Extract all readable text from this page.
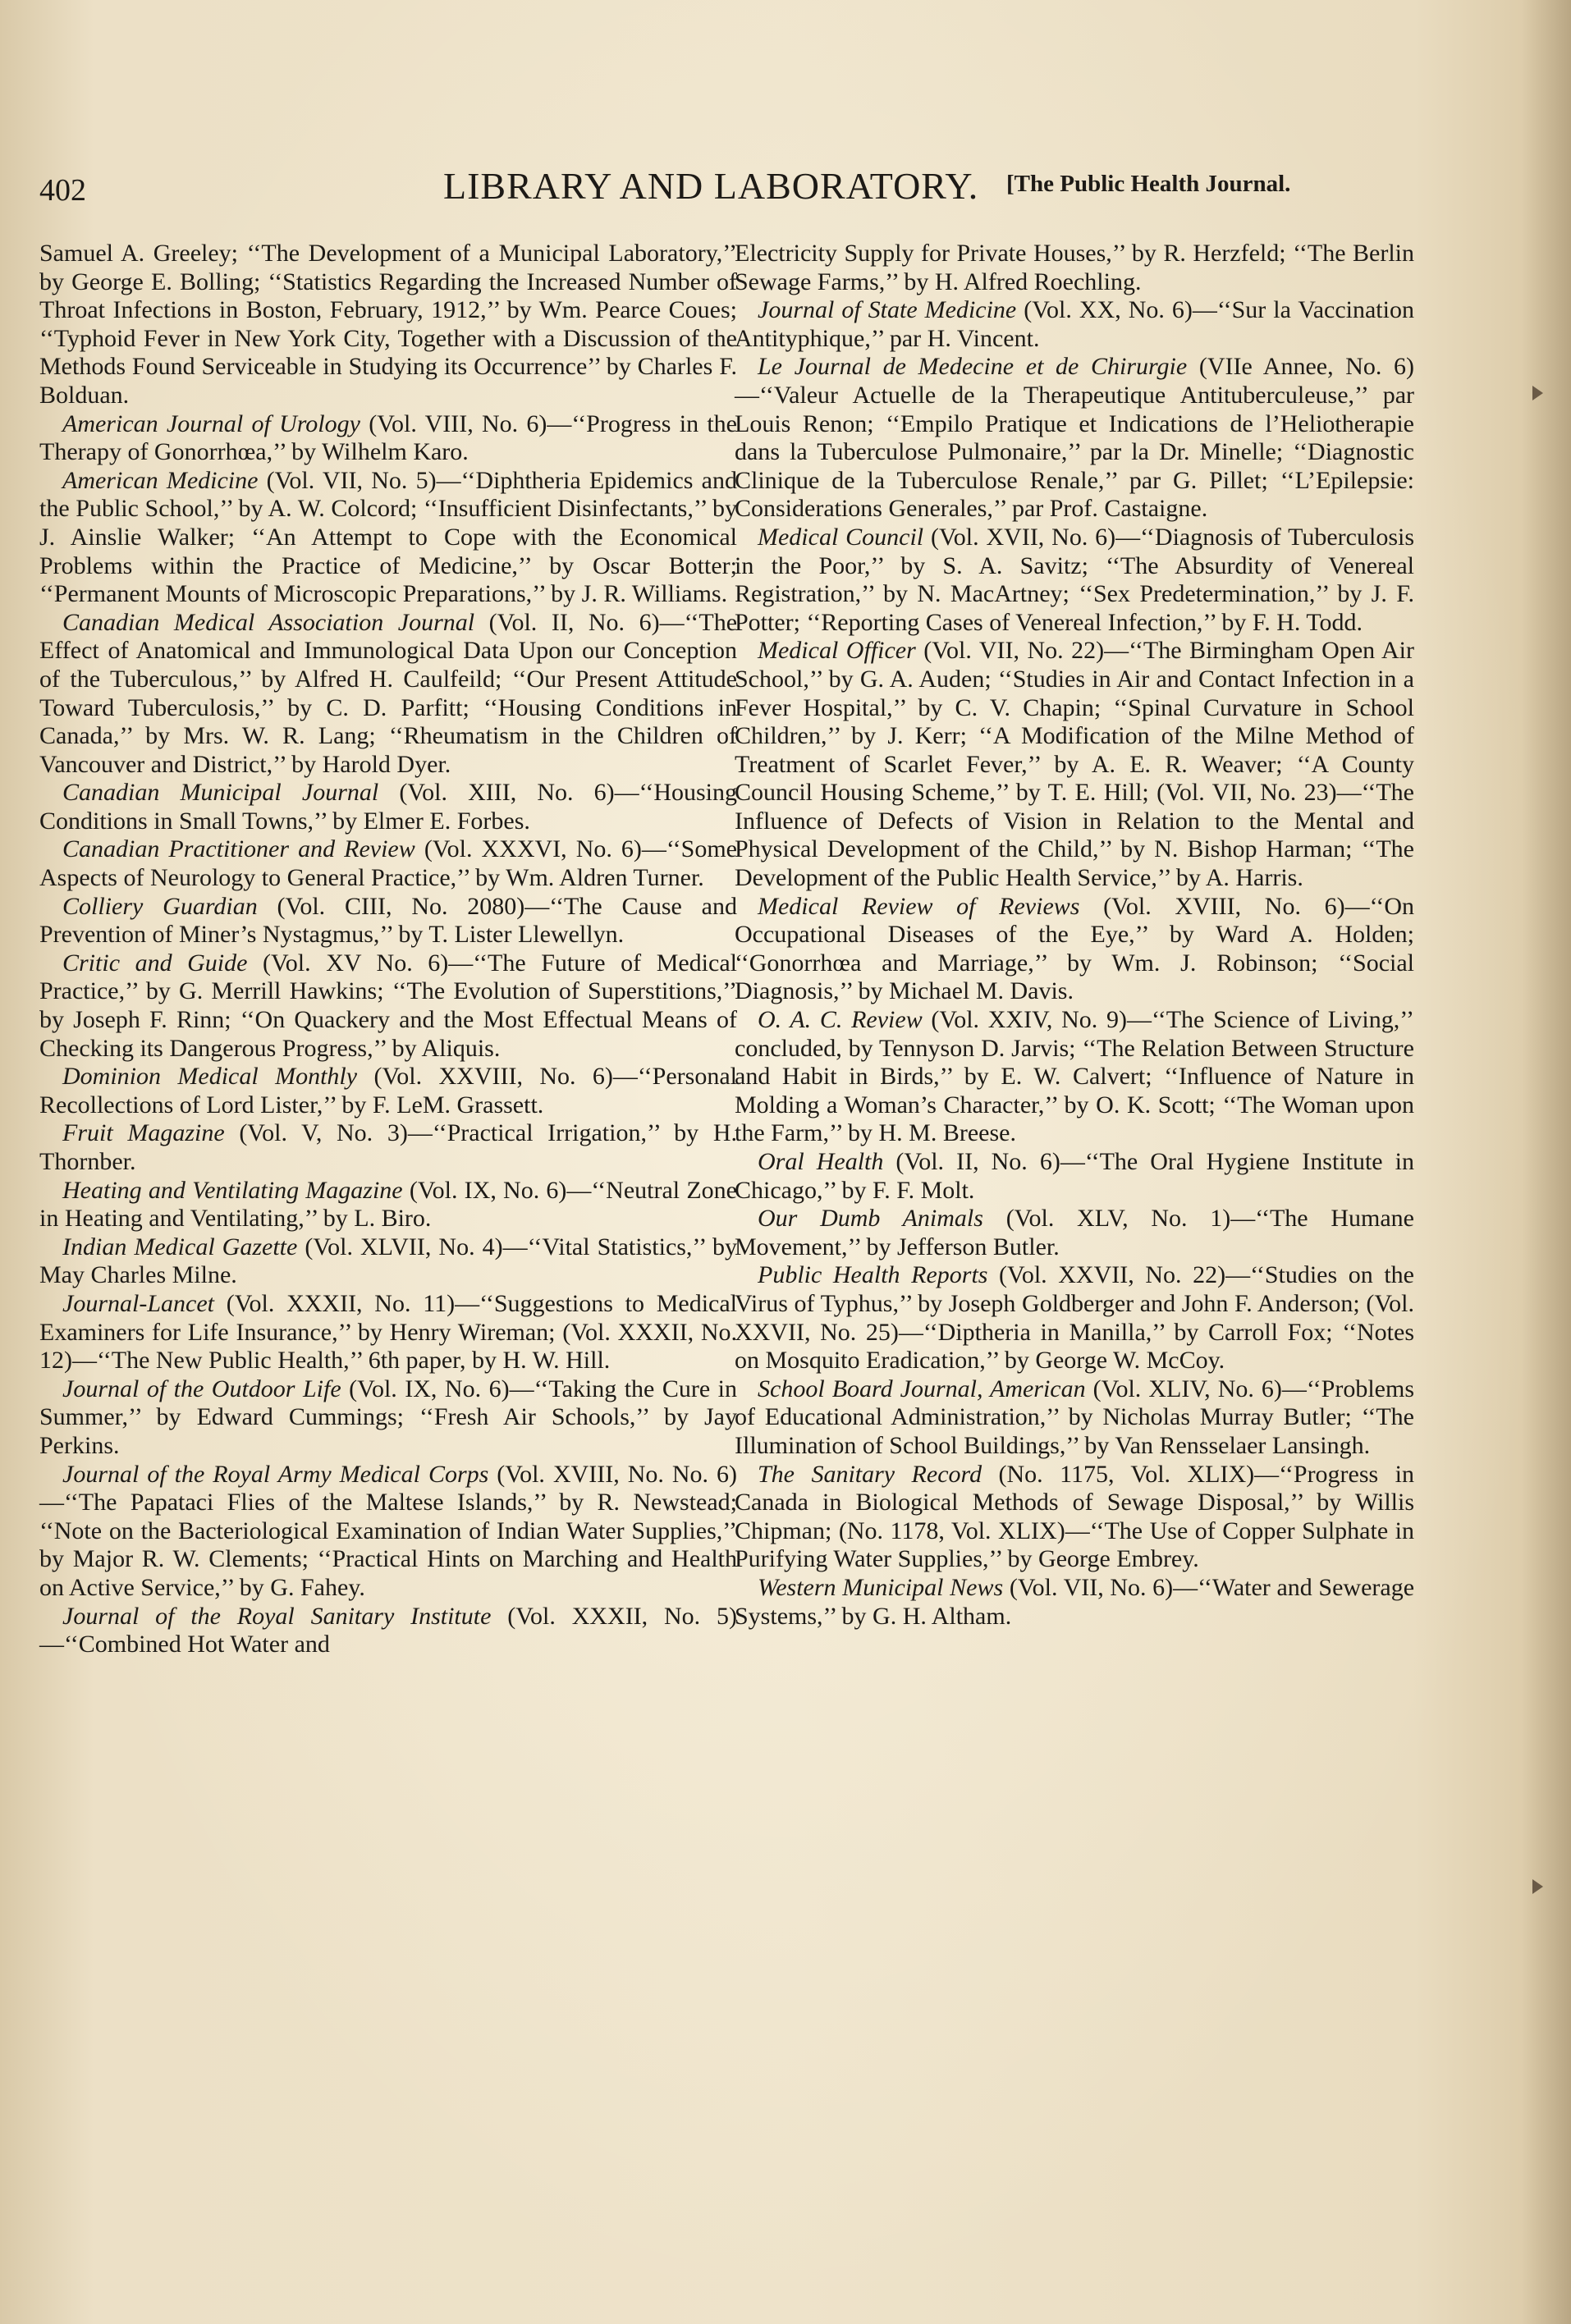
402	LIBRARY AND LABORATORY. [The Public Health Journal.

Samuel A. Greeley; ‘‘The Development of a Municipal Laboratory,’’ by George E. Bolling; ‘‘Statistics Regarding the Increased Number of Throat Infections in Boston, February, 1912,’’ by Wm. Pearce Coues; ‘‘Typhoid Fever in New York City, Together with a Discussion of the Methods Found Serviceable in Studying its Occurrence’’ by Charles F. Bolduan.

American Journal of Urology (Vol. VIII, No. 6)—‘‘Progress in the Therapy of Gonorrhœa,’’ by Wilhelm Karo.

American Medicine (Vol. VII, No. 5)—‘‘Diphtheria Epidemics and the Public School,’’ by A. W. Colcord; ‘‘Insufficient Disinfectants,’’ by J. Ainslie Walker; ‘‘An Attempt to Cope with the Economical Problems within the Practice of Medicine,’’ by Oscar Botter; ‘‘Permanent Mounts of Microscopic Preparations,’’ by J. R. Williams.

Canadian Medical Association Journal (Vol. II, No. 6)—‘‘The Effect of Anatomical and Immunological Data Upon our Conception of the Tuberculous,’’ by Alfred H. Caulfeild; ‘‘Our Present Attitude Toward Tuberculosis,’’ by C. D. Parfitt; ‘‘Housing Conditions in Canada,’’ by Mrs. W. R. Lang; ‘‘Rheumatism in the Children of Vancouver and District,’’ by Harold Dyer.

Canadian Municipal Journal (Vol. XIII, No. 6)—‘‘Housing Conditions in Small Towns,’’ by Elmer E. Forbes.

Canadian Practitioner and Review (Vol. XXXVI, No. 6)—‘‘Some Aspects of Neurology to General Practice,’’ by Wm. Aldren Turner.

Colliery Guardian (Vol. CIII, No. 2080)—‘‘The Cause and Prevention of Miner’s Nystagmus,’’ by T. Lister Llewellyn.

Critic and Guide (Vol. XV No. 6)—‘‘The Future of Medical Practice,’’ by G. Merrill Hawkins; ‘‘The Evolution of Superstitions,’’ by Joseph F. Rinn; ‘‘On Quackery and the Most Effectual Means of Checking its Dangerous Progress,’’ by Aliquis.

Dominion Medical Monthly (Vol. XXVIII, No. 6)—‘‘Personal Recollections of Lord Lister,’’ by F. LeM. Grassett.

Fruit Magazine (Vol. V, No. 3)—‘‘Practical Irrigation,’’ by H. Thornber.

Heating and Ventilating Magazine (Vol. IX, No. 6)—‘‘Neutral Zone in Heating and Ventilating,’’ by L. Biro.

Indian Medical Gazette (Vol. XLVII, No. 4)—‘‘Vital Statistics,’’ by May Charles Milne.

Journal-Lancet (Vol. XXXII, No. 11)—‘‘Suggestions to Medical Examiners for Life Insurance,’’ by Henry Wireman; (Vol. XXXII, No. 12)—‘‘The New Public Health,’’ 6th paper, by H. W. Hill.

Journal of the Outdoor Life (Vol. IX, No. 6)—‘‘Taking the Cure in Summer,’’ by Edward Cummings; ‘‘Fresh Air Schools,’’ by Jay Perkins.

Journal of the Royal Army Medical Corps (Vol. XVIII, No. No. 6)—‘‘The Papataci Flies of the Maltese Islands,’’ by R. Newstead; ‘‘Note on the Bacteriological Examination of Indian Water Supplies,’’ by Major R. W. Clements; ‘‘Practical Hints on Marching and Health on Active Service,’’ by G. Fahey.

Journal of the Royal Sanitary Institute (Vol. XXXII, No. 5)—‘‘Combined Hot Water and

Electricity Supply for Private Houses,’’ by R. Herzfeld; ‘‘The Berlin Sewage Farms,’’ by H. Alfred Roechling.

Journal of State Medicine (Vol. XX, No. 6)—‘‘Sur la Vaccination Antityphique,’’ par H. Vincent.

Le Journal de Medecine et de Chirurgie (VIIe Annee, No. 6)—‘‘Valeur Actuelle de la Therapeutique Antituberculeuse,’’ par Louis Renon; ‘‘Empilo Pratique et Indications de l’Heliotherapie dans la Tuberculose Pulmonaire,’’ par la Dr. Minelle; ‘‘Diagnostic Clinique de la Tuberculose Renale,’’ par G. Pillet; ‘‘L’Epilepsie: Considerations Generales,’’ par Prof. Castaigne.

Medical Council (Vol. XVII, No. 6)—‘‘Diagnosis of Tuberculosis in the Poor,’’ by S. A. Savitz; ‘‘The Absurdity of Venereal Registration,’’ by N. MacArtney; ‘‘Sex Predetermination,’’ by J. F. Potter; ‘‘Reporting Cases of Venereal Infection,’’ by F. H. Todd.

Medical Officer (Vol. VII, No. 22)—‘‘The Birmingham Open Air School,’’ by G. A. Auden; ‘‘Studies in Air and Contact Infection in a Fever Hospital,’’ by C. V. Chapin; ‘‘Spinal Curvature in School Children,’’ by J. Kerr; ‘‘A Modification of the Milne Method of Treatment of Scarlet Fever,’’ by A. E. R. Weaver; ‘‘A County Council Housing Scheme,’’ by T. E. Hill; (Vol. VII, No. 23)—‘‘The Influence of Defects of Vision in Relation to the Mental and Physical Development of the Child,’’ by N. Bishop Harman; ‘‘The Development of the Public Health Service,’’ by A. Harris.

Medical Review of Reviews (Vol. XVIII, No. 6)—‘‘On Occupational Diseases of the Eye,’’ by Ward A. Holden; ‘‘Gonorrhœa and Marriage,’’ by Wm. J. Robinson; ‘‘Social Diagnosis,’’ by Michael M. Davis.

O. A. C. Review (Vol. XXIV, No. 9)—‘‘The Science of Living,’’ concluded, by Tennyson D. Jarvis; ‘‘The Relation Between Structure and Habit in Birds,’’ by E. W. Calvert; ‘‘Influence of Nature in Molding a Woman’s Character,’’ by O. K. Scott; ‘‘The Woman upon the Farm,’’ by H. M. Breese.

Oral Health (Vol. II, No. 6)—‘‘The Oral Hygiene Institute in Chicago,’’ by F. F. Molt.

Our Dumb Animals (Vol. XLV, No. 1)—‘‘The Humane Movement,’’ by Jefferson Butler.

Public Health Reports (Vol. XXVII, No. 22)—‘‘Studies on the Virus of Typhus,’’ by Joseph Goldberger and John F. Anderson; (Vol. XXVII, No. 25)—‘‘Diptheria in Manilla,’’ by Carroll Fox; ‘‘Notes on Mosquito Eradication,’’ by George W. McCoy.

School Board Journal, American (Vol. XLIV, No. 6)—‘‘Problems of Educational Administration,’’ by Nicholas Murray Butler; ‘‘The Illumination of School Buildings,’’ by Van Rensselaer Lansingh.

The Sanitary Record (No. 1175, Vol. XLIX)—‘‘Progress in Canada in Biological Methods of Sewage Disposal,’’ by Willis Chipman; (No. 1178, Vol. XLIX)—‘‘The Use of Copper Sulphate in Purifying Water Supplies,’’ by George Embrey.

Western Municipal News (Vol. VII, No. 6)—‘‘Water and Sewerage Systems,’’ by G. H. Altham.
